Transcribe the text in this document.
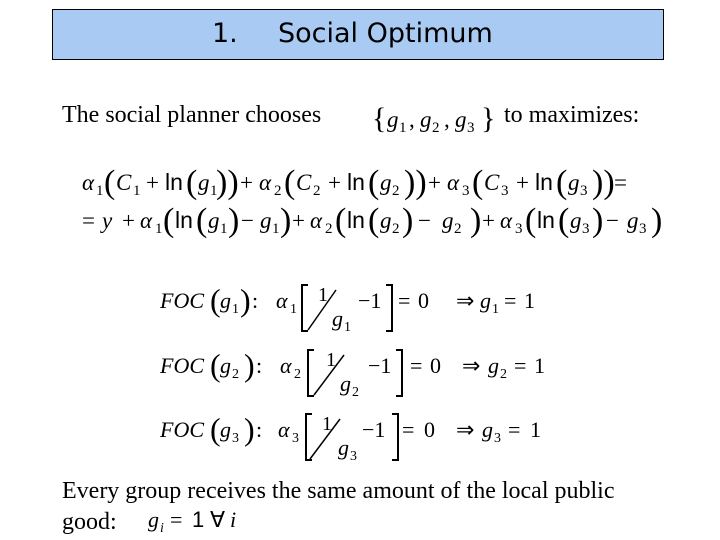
1. Social Optimum
The social planner chooses	to maximizes:
Every group receives the same amount of the local public
good:
{ g 1 , g 2 , g 3 }
α 1 ( C 1 + ln ( g 1
)) + α 2 ( C 2 + ln ( g 2 )) + α 3 ( C 3 + ln ( g 3 )) =
= y + α 1 ( ln ( g 1 ) − g 1 ) + α 2 ( ln ( g 2 ) − g 2 ) + α 3 ( ln ( g 3 ) − g 3 )
FOC ( g 1 ) : α 1
1
g 1
−1 = 0 ⇒ g 1 = 1
FOC ( g 2 ) : α 2
1
g 2
−1 = 0 ⇒ g 2 = 1
FOC ( g 3 ) : α 3
1
g 3
−1 = 0 ⇒ g 3 = 1
g i = 1 ∀ i
